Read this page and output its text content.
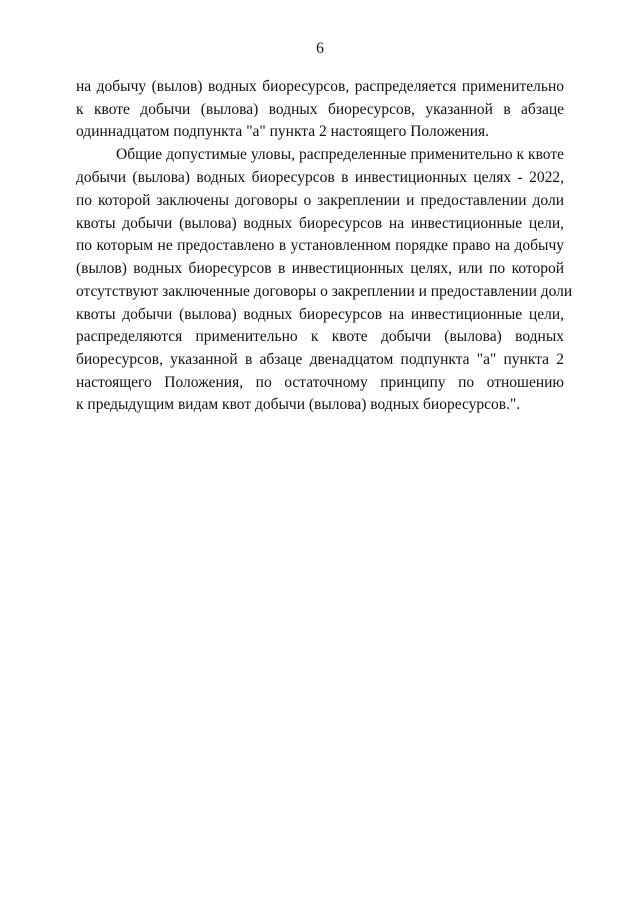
6
на добычу (вылов) водных биоресурсов, распределяется применительно
к квоте добычи (вылова) водных биоресурсов, указанной в абзаце
одиннадцатом подпункта "а" пункта 2 настоящего Положения.
Общие допустимые уловы, распределенные применительно к квоте
добычи (вылова) водных биоресурсов в инвестиционных целях - 2022,
по которой заключены договоры о закреплении и предоставлении доли
квоты добычи (вылова) водных биоресурсов на инвестиционные цели,
по которым не предоставлено в установленном порядке право на добычу
(вылов) водных биоресурсов в инвестиционных целях, или по которой
отсутствуют заключенные договоры о закреплении и предоставлении доли
квоты добычи (вылова) водных биоресурсов на инвестиционные цели,
распределяются применительно к квоте добычи (вылова) водных
биоресурсов, указанной в абзаце двенадцатом подпункта "а" пункта 2
настоящего Положения, по остаточному принципу по отношению
к предыдущим видам квот добычи (вылова) водных биоресурсов.".
